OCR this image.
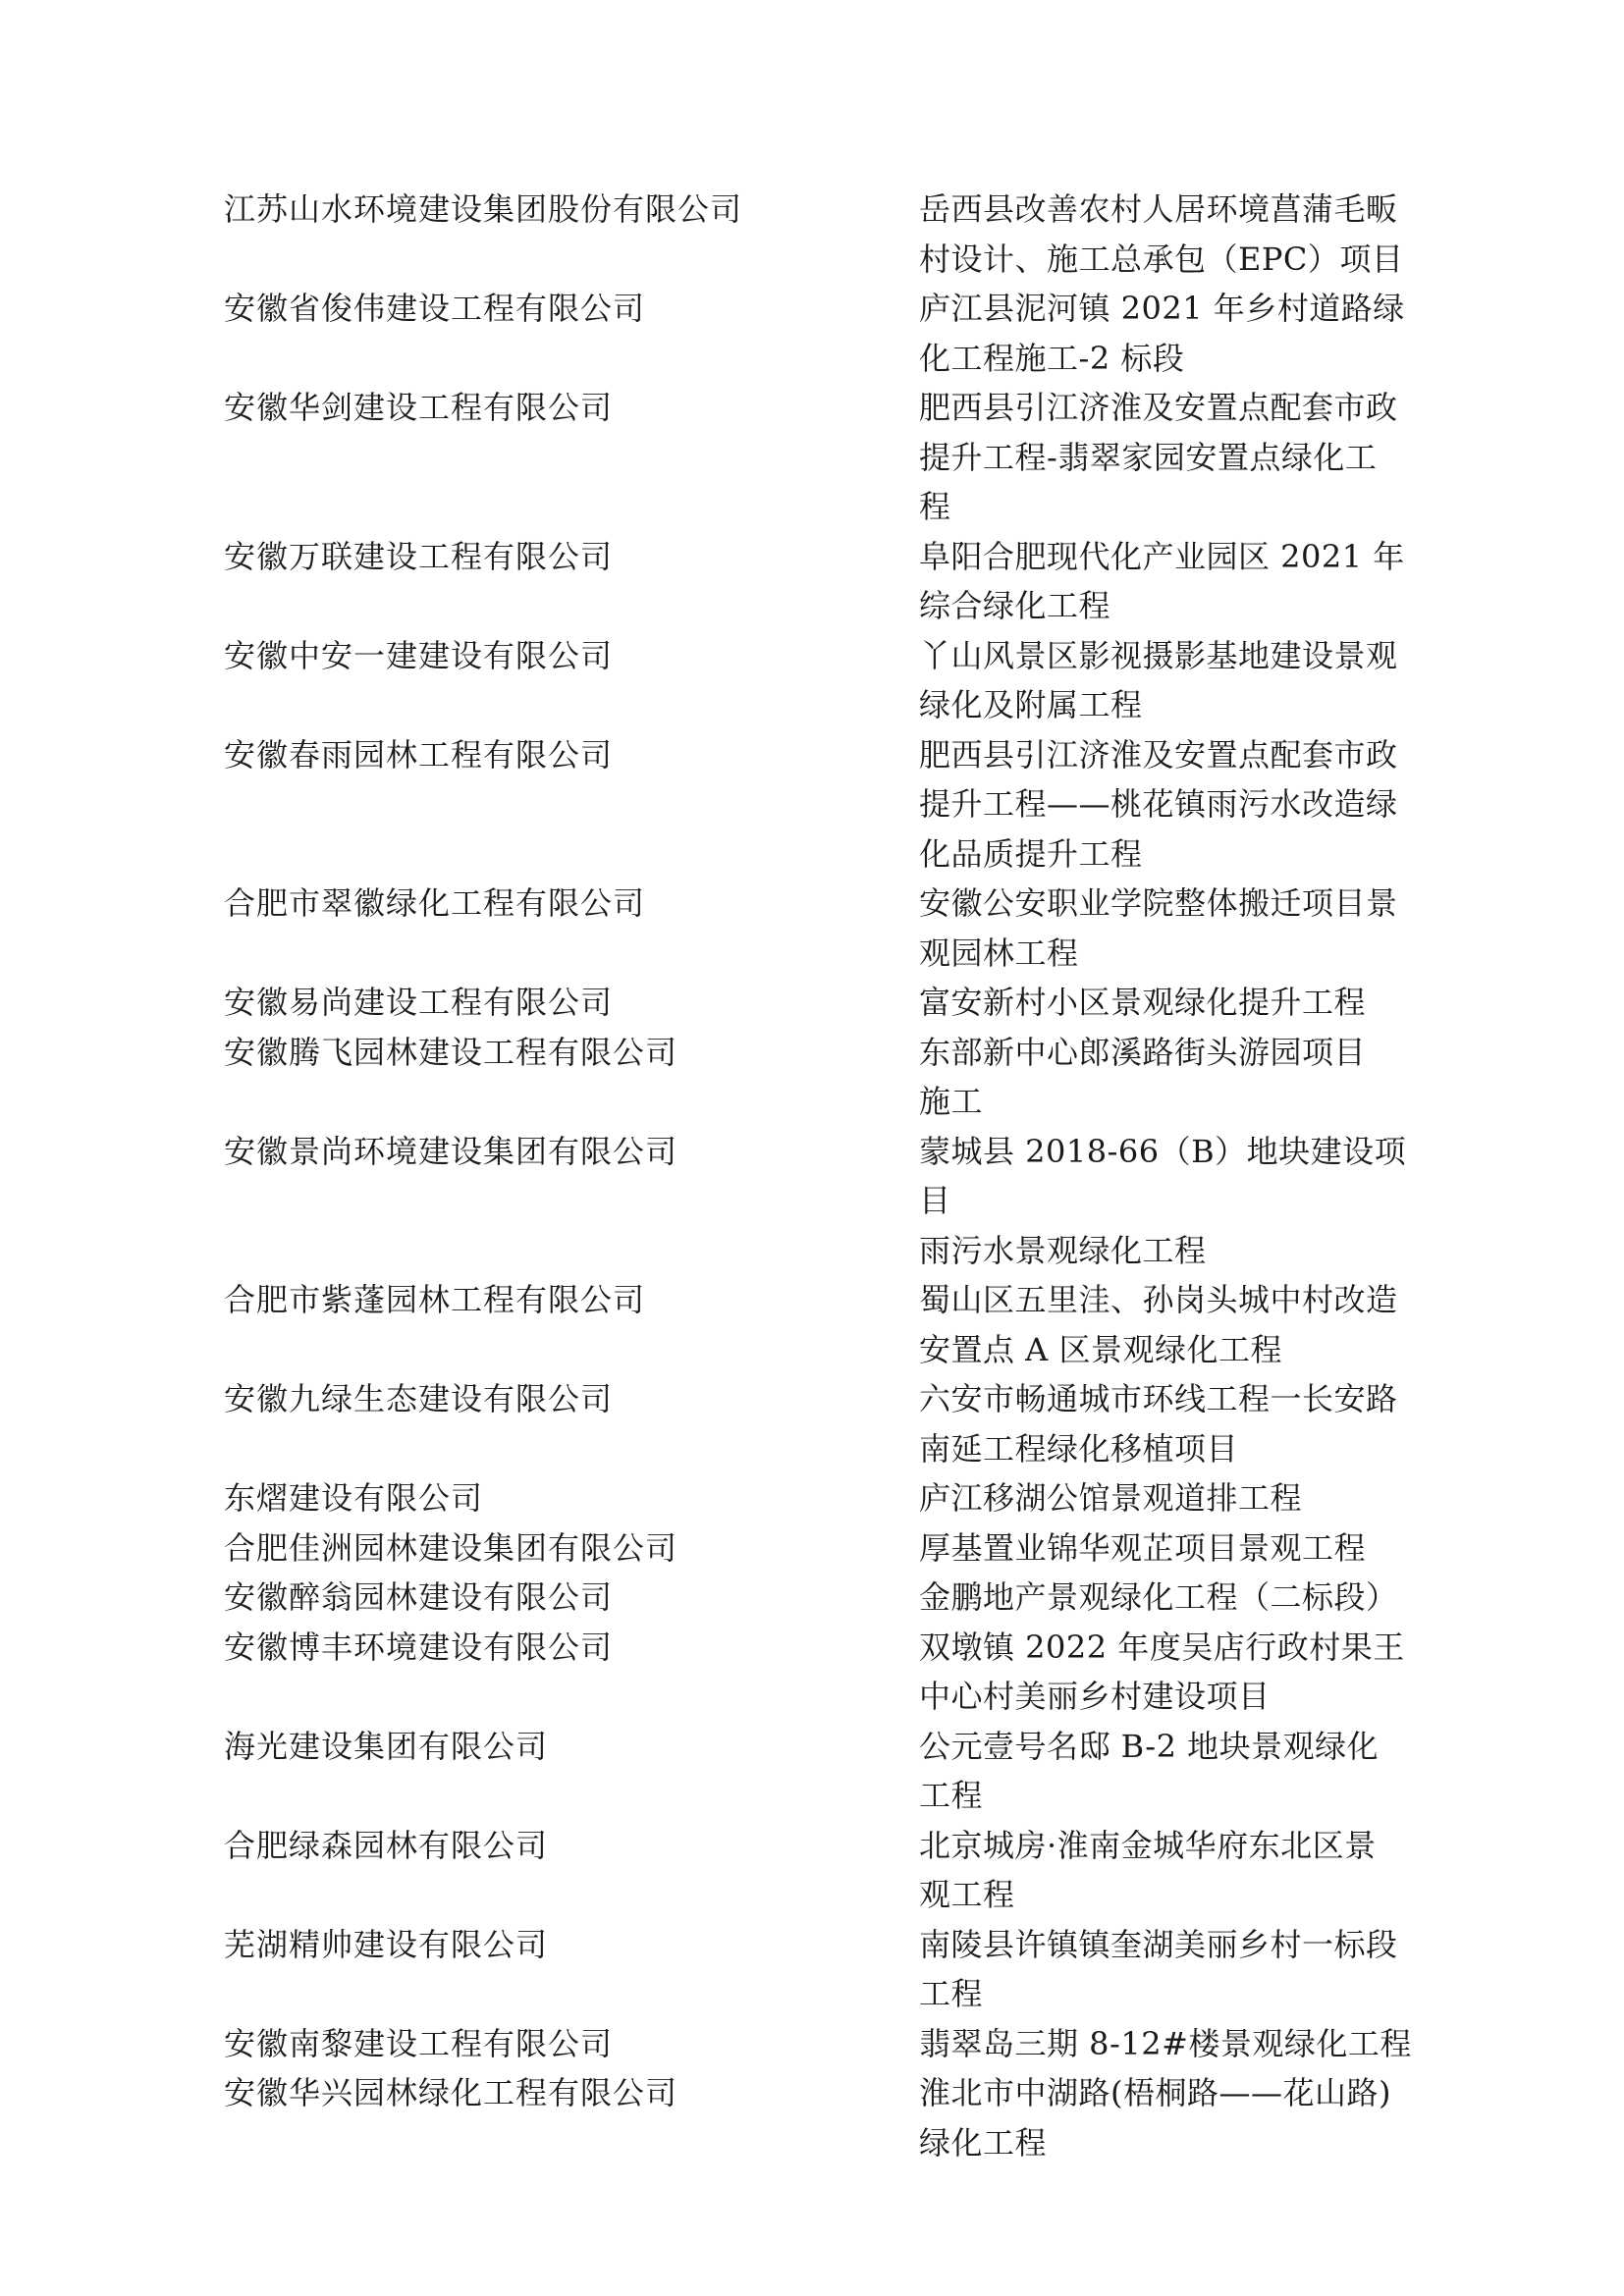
江苏山水环境建设集团股份有限公司	岳西县改善农村人居环境菖蒲毛畈
村设计、施工总承包（EPC）项目
安徽省俊伟建设工程有限公司	庐江县泥河镇 2021 年乡村道路绿
化工程施工-2 标段
安徽华剑建设工程有限公司	肥西县引江济淮及安置点配套市政
提升工程-翡翠家园安置点绿化工
程
安徽万联建设工程有限公司	阜阳合肥现代化产业园区 2021 年
综合绿化工程
安徽中安一建建设有限公司	丫山风景区影视摄影基地建设景观
绿化及附属工程
安徽春雨园林工程有限公司	肥西县引江济淮及安置点配套市政
提升工程——桃花镇雨污水改造绿
化品质提升工程
合肥市翠徽绿化工程有限公司	安徽公安职业学院整体搬迁项目景
观园林工程
安徽易尚建设工程有限公司	富安新村小区景观绿化提升工程
安徽腾飞园林建设工程有限公司	东部新中心郎溪路街头游园项目
施工
安徽景尚环境建设集团有限公司	蒙城县 2018-66（B）地块建设项目
雨污水景观绿化工程
合肥市紫蓬园林工程有限公司	蜀山区五里洼、孙岗头城中村改造
安置点 A 区景观绿化工程
安徽九绿生态建设有限公司	六安市畅通城市环线工程一长安路
南延工程绿化移植项目
东熠建设有限公司	庐江移湖公馆景观道排工程
合肥佳洲园林建设集团有限公司	厚基置业锦华观芷项目景观工程
安徽醉翁园林建设有限公司	金鹏地产景观绿化工程（二标段）
安徽博丰环境建设有限公司	双墩镇 2022 年度吴店行政村果王
中心村美丽乡村建设项目
海光建设集团有限公司	公元壹号名邸 B-2 地块景观绿化
工程
合肥绿森园林有限公司	北京城房·淮南金城华府东北区景
观工程
芜湖精帅建设有限公司	南陵县许镇镇奎湖美丽乡村一标段
工程
安徽南黎建设工程有限公司	翡翠岛三期 8-12#楼景观绿化工程
安徽华兴园林绿化工程有限公司	淮北市中湖路(梧桐路——花山路)
绿化工程
